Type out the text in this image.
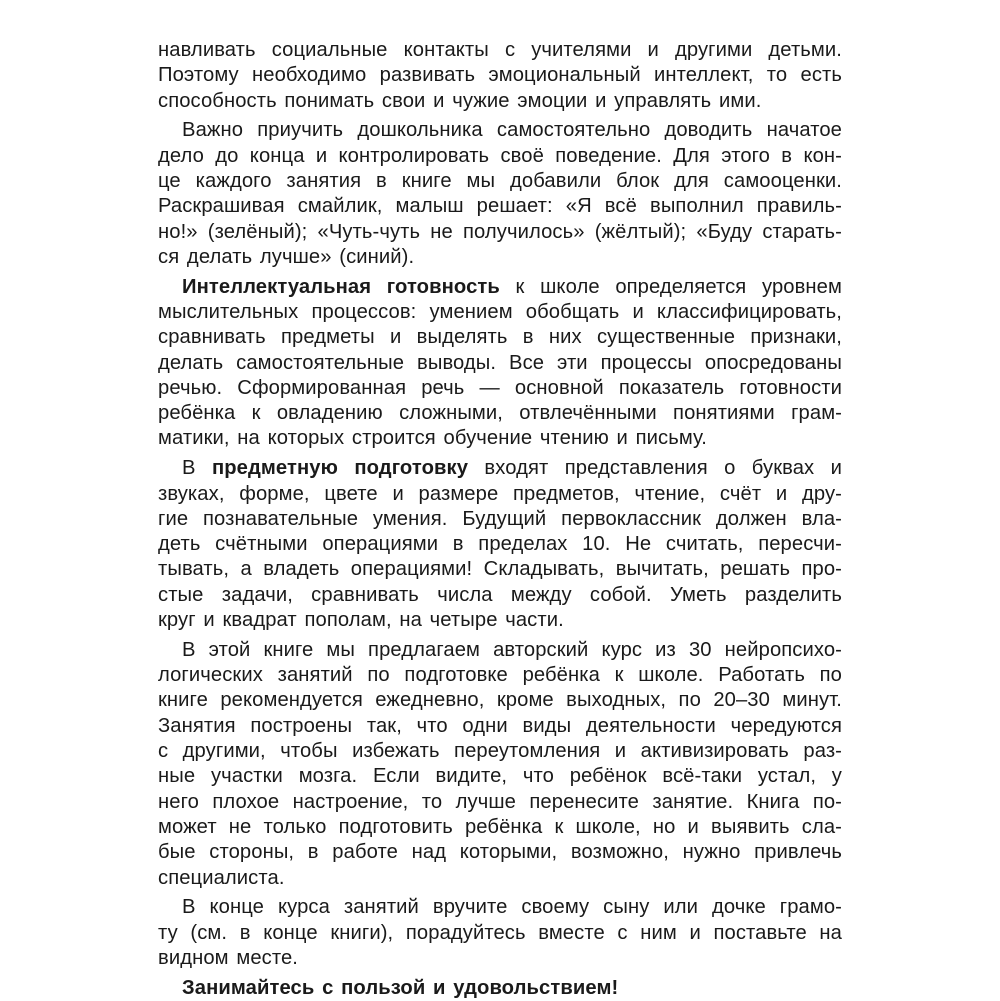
навливать социальные контакты с учителями и другими детьми.
Поэтому необходимо развивать эмоциональный интеллект, то есть
способность понимать свои и чужие эмоции и управлять ими.
Важно приучить дошкольника самостоятельно доводить начатое
дело до конца и контролировать своё поведение. Для этого в кон-
це каждого занятия в книге мы добавили блок для самооценки.
Раскрашивая смайлик, малыш решает: «Я всё выполнил правиль-
но!» (зелёный); «Чуть-чуть не получилось» (жёлтый); «Буду старать-
ся делать лучше» (синий).
Интеллектуальная готовность к школе определяется уровнем
мыслительных процессов: умением обобщать и классифицировать,
сравнивать предметы и выделять в них существенные признаки,
делать самостоятельные выводы. Все эти процессы опосредованы
речью. Сформированная речь — основной показатель готовности
ребёнка к овладению сложными, отвлечёнными понятиями грам-
матики, на которых строится обучение чтению и письму.
В предметную подготовку входят представления о буквах и
звуках, форме, цвете и размере предметов, чтение, счёт и дру-
гие познавательные умения. Будущий первоклассник должен вла-
деть счётными операциями в пределах 10. Не считать, пересчи-
тывать, а владеть операциями! Складывать, вычитать, решать про-
стые задачи, сравнивать числа между собой. Уметь разделить
круг и квадрат пополам, на четыре части.
В этой книге мы предлагаем авторский курс из 30 нейропсихо-
логических занятий по подготовке ребёнка к школе. Работать по
книге рекомендуется ежедневно, кроме выходных, по 20–30 минут.
Занятия построены так, что одни виды деятельности чередуются
с другими, чтобы избежать переутомления и активизировать раз-
ные участки мозга. Если видите, что ребёнок всё-таки устал, у
него плохое настроение, то лучше перенесите занятие. Книга по-
может не только подготовить ребёнка к школе, но и выявить сла-
бые стороны, в работе над которыми, возможно, нужно привлечь
специалиста.
В конце курса занятий вручите своему сыну или дочке грамо-
ту (см. в конце книги), порадуйтесь вместе с ним и поставьте на
видном месте.
Занимайтесь с пользой и удовольствием!
